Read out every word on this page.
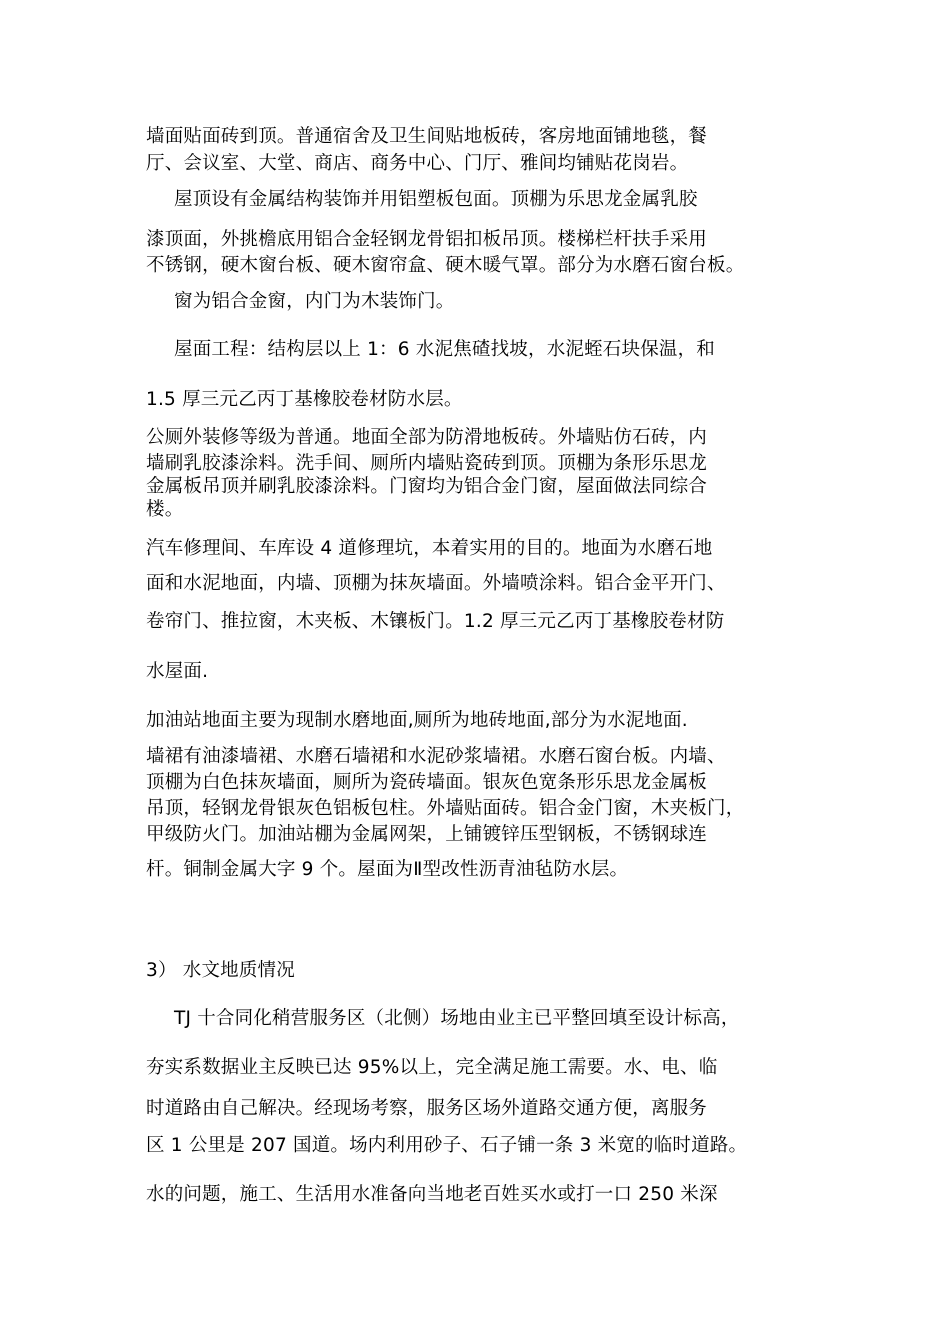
墙面贴面砖到顶。普通宿舍及卫生间贴地板砖，客房地面铺地毯，餐

厅、会议室、大堂、商店、商务中心、门厅、雅间均铺贴花岗岩。

屋顶设有金属结构装饰并用铝塑板包面。顶棚为乐思龙金属乳胶

漆顶面，外挑檐底用铝合金轻钢龙骨铝扣板吊顶。楼梯栏杆扶手采用

不锈钢，硬木窗台板、硬木窗帘盒、硬木暖气罩。部分为水磨石窗台板。

窗为铝合金窗，内门为木装饰门。

屋面工程：结构层以上 1：6 水泥焦碴找坡，水泥蛭石块保温，和

1.5 厚三元乙丙丁基橡胶卷材防水层。

公厕外装修等级为普通。地面全部为防滑地板砖。外墙贴仿石砖，内

墙刷乳胶漆涂料。洗手间、厕所内墙贴瓷砖到顶。顶棚为条形乐思龙

金属板吊顶并刷乳胶漆涂料。门窗均为铝合金门窗，屋面做法同综合

楼。

汽车修理间、车库设 4 道修理坑，本着实用的目的。地面为水磨石地

面和水泥地面，内墙、顶棚为抹灰墙面。外墙喷涂料。铝合金平开门、

卷帘门、推拉窗，木夹板、木镶板门。1.2 厚三元乙丙丁基橡胶卷材防

水屋面.

加油站地面主要为现制水磨地面,厕所为地砖地面,部分为水泥地面.

墙裙有油漆墙裙、水磨石墙裙和水泥砂浆墙裙。水磨石窗台板。内墙、

顶棚为白色抹灰墙面，厕所为瓷砖墙面。银灰色宽条形乐思龙金属板

吊顶，轻钢龙骨银灰色铝板包柱。外墙贴面砖。铝合金门窗，木夹板门，

甲级防火门。加油站棚为金属网架，上铺镀锌压型钢板，不锈钢球连

杆。铜制金属大字 9 个。屋面为Ⅱ型改性沥青油毡防水层。

3） 水文地质情况

TJ 十合同化稍营服务区（北侧）场地由业主已平整回填至设计标高，

夯实系数据业主反映已达 95%以上，完全满足施工需要。水、电、临

时道路由自己解决。经现场考察，服务区场外道路交通方便，离服务

区 1 公里是 207 国道。场内利用砂子、石子铺一条 3 米宽的临时道路。

水的问题，施工、生活用水准备向当地老百姓买水或打一口 250 米深
